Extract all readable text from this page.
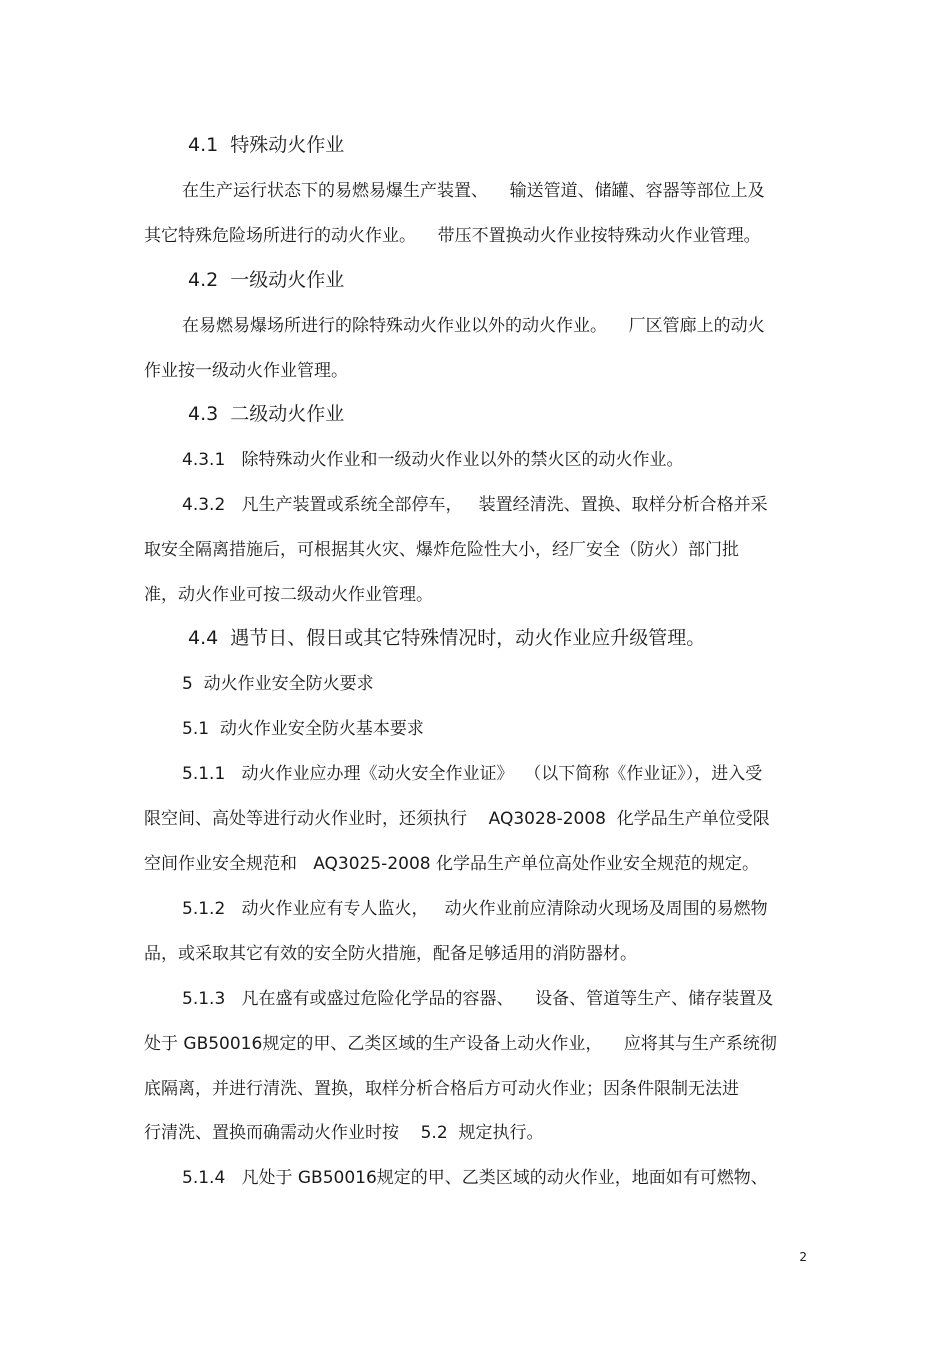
4.1  特殊动火作业
在生产运行状态下的易燃易爆生产装置、    输送管道、储罐、容器等部位上及
其它特殊危险场所进行的动火作业。    带压不置换动火作业按特殊动火作业管理。
4.2  一级动火作业
在易燃易爆场所进行的除特殊动火作业以外的动火作业。    厂区管廊上的动火
作业按一级动火作业管理。
4.3  二级动火作业
4.3.1   除特殊动火作业和一级动火作业以外的禁火区的动火作业。
4.3.2   凡生产装置或系统全部停车，   装置经清洗、置换、取样分析合格并采
取安全隔离措施后，可根据其火灾、爆炸危险性大小，经厂安全（防火）部门批
准，动火作业可按二级动火作业管理。
4.4  遇节日、假日或其它特殊情况时，动火作业应升级管理。
5  动火作业安全防火要求
5.1  动火作业安全防火基本要求
5.1.1   动火作业应办理《动火安全作业证》  （以下简称《作业证》），进入受
限空间、高处等进行动火作业时，还须执行    AQ3028-2008  化学品生产单位受限
空间作业安全规范和   AQ3025-2008 化学品生产单位高处作业安全规范的规定。
5.1.2   动火作业应有专人监火，   动火作业前应清除动火现场及周围的易燃物
品，或采取其它有效的安全防火措施，配备足够适用的消防器材。
5.1.3   凡在盛有或盛过危险化学品的容器、    设备、管道等生产、储存装置及
处于 GB50016规定的甲、乙类区域的生产设备上动火作业，    应将其与生产系统彻
底隔离，并进行清洗、置换，取样分析合格后方可动火作业；因条件限制无法进
行清洗、置换而确需动火作业时按    5.2  规定执行。
5.1.4   凡处于 GB50016规定的甲、乙类区域的动火作业，地面如有可燃物、
2
